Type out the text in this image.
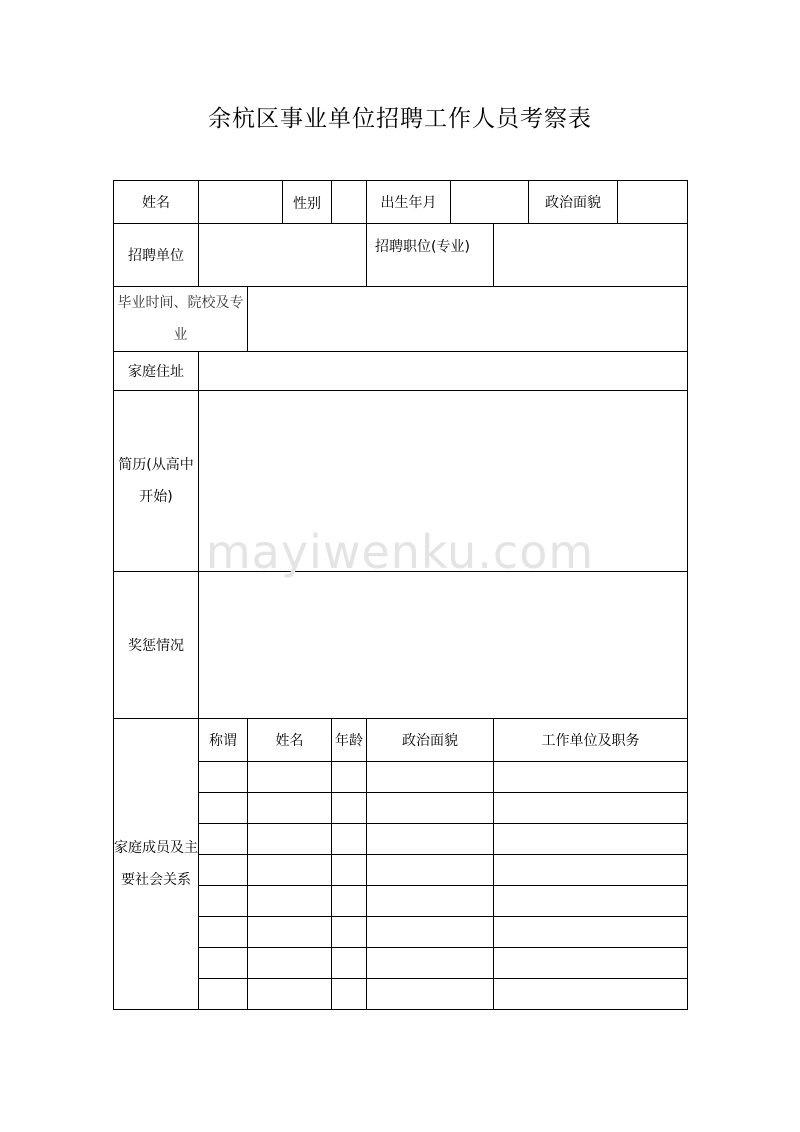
余杭区事业单位招聘工作人员考察表
姓名			性别		出生年月			政治面貌	
招聘单位					招聘职位(专业)				
毕业时间、院校及专业									
家庭住址									
简历(从高中开始)									
奖惩情况									
家庭成员及主要社会关系	称谓	姓名		年龄	政治面貌		工作单位及职务		

mayiwenku.com
